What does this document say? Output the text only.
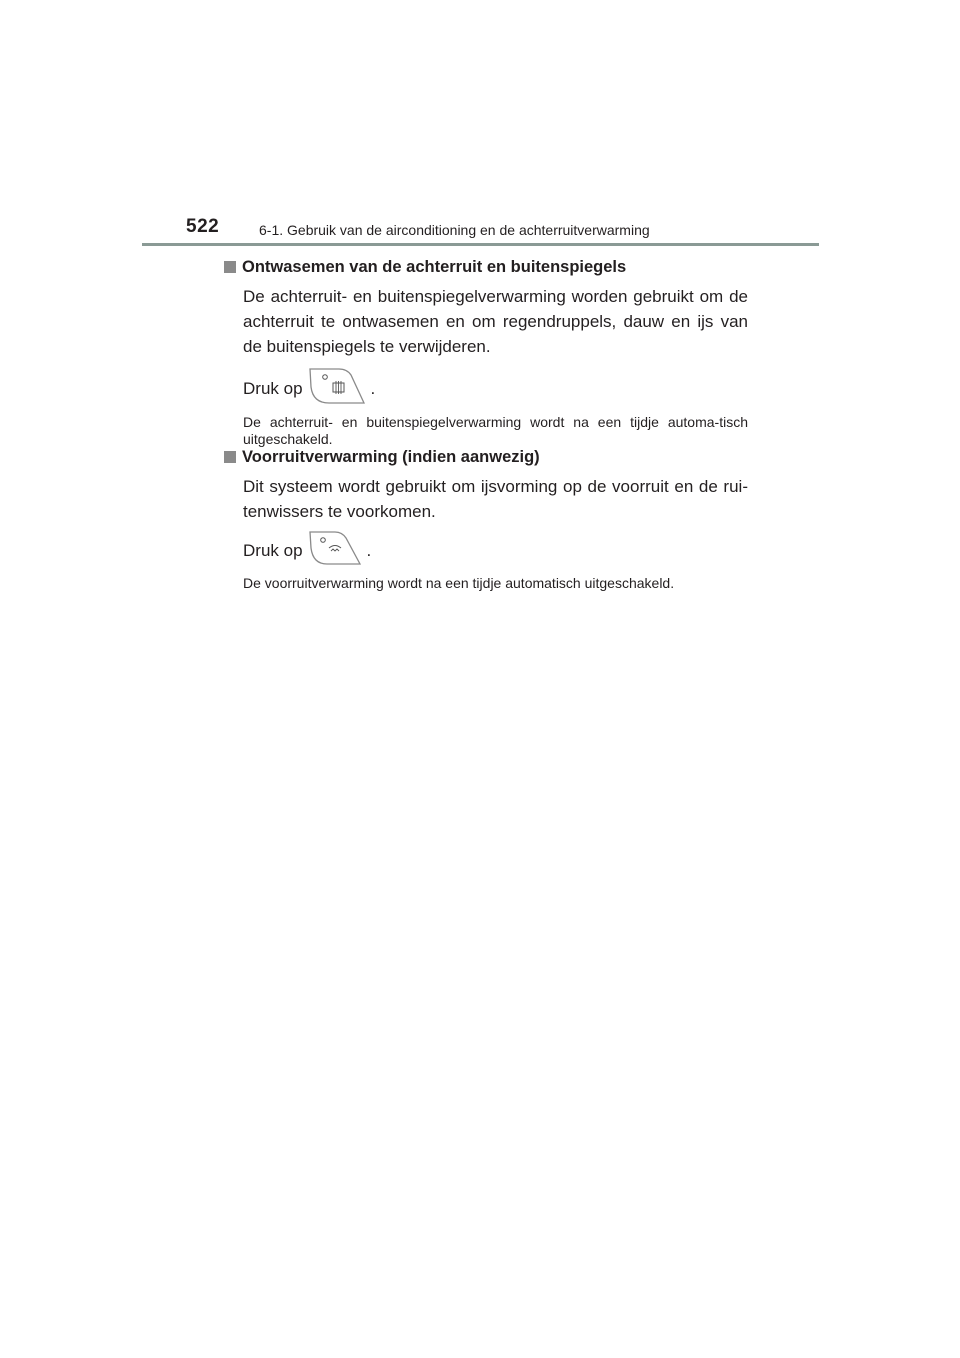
522	6-1. Gebruik van de airconditioning en de achterruitverwarming
Ontwasemen van de achterruit en buitenspiegels
De achterruit- en buitenspiegelverwarming worden gebruikt om de achterruit te ontwasemen en om regendruppels, dauw en ijs van de buitenspiegels te verwijderen.
Druk op	.
De achterruit- en buitenspiegelverwarming wordt na een tijdje automa-tisch uitgeschakeld.
Voorruitverwarming (indien aanwezig)
Dit systeem wordt gebruikt om ijsvorming op de voorruit en de rui-tenwissers te voorkomen.
Druk op	.
De voorruitverwarming wordt na een tijdje automatisch uitgeschakeld.
